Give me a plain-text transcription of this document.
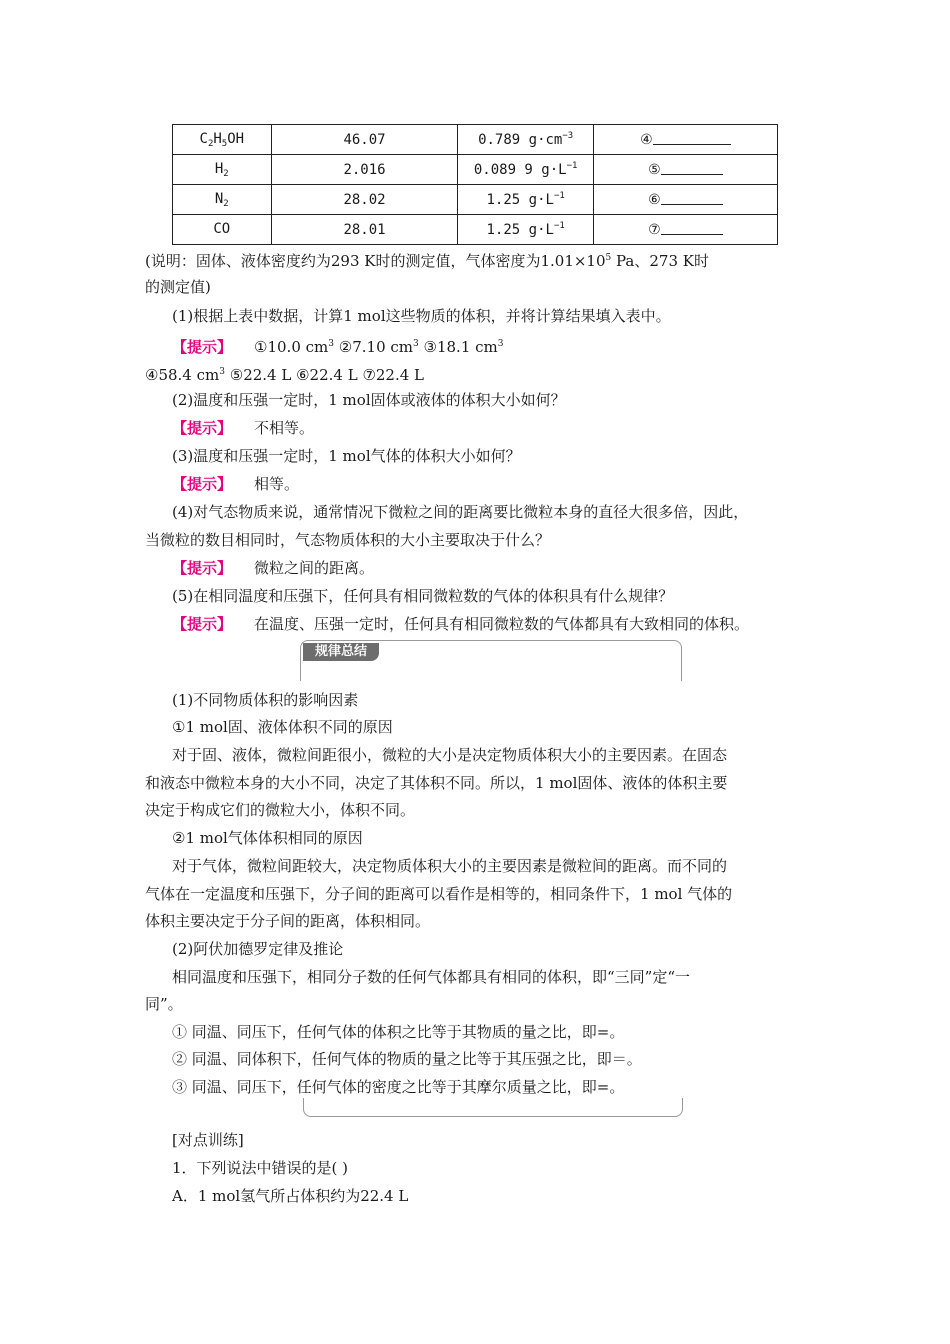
$C_2H_5OH$	46.07	0.789 $g\cdot cm^{-3}$	④
$H_2$	2.016	0.089 9 $g\cdot L^{-1}$	⑤
$N_2$	28.02	1.25 $g\cdot L^{-1}$	⑥
CO	28.01	1.25 $g\cdot L^{-1}$	⑦
(说明：固体、液体密度约为293 K时的测定值，气体密度为$1.01\times 10^5$ Pa、273 K时
的测定值)
(1)根据上表中数据，计算1 mol这些物质的体积，并将计算结果填入表中。
【提示】 ①10.0 $cm^3$ ②7.10 $cm^3$ ③18.1 $cm^3$
④58.4 $cm^3$ ⑤22.4 L ⑥22.4 L ⑦22.4 L
(2)温度和压强一定时，1 mol固体或液体的体积大小如何？
【提示】 不相等。
(3)温度和压强一定时，1 mol气体的体积大小如何？
【提示】 相等。
(4)对气态物质来说，通常情况下微粒之间的距离要比微粒本身的直径大很多倍，因此，
当微粒的数目相同时，气态物质体积的大小主要取决于什么？
【提示】 微粒之间的距离。
(5)在相同温度和压强下，任何具有相同微粒数的气体的体积具有什么规律？
【提示】 在温度、压强一定时，任何具有相同微粒数的气体都具有大致相同的体积。
规律总结
(1)不同物质体积的影响因素
①1 mol固、液体体积不同的原因
对于固、液体，微粒间距很小，微粒的大小是决定物质体积大小的主要因素。在固态
和液态中微粒本身的大小不同，决定了其体积不同。所以，1 mol固体、液体的体积主要
决定于构成它们的微粒大小，体积不同。
②1 mol气体体积相同的原因
对于气体，微粒间距较大，决定物质体积大小的主要因素是微粒间的距离。而不同的
气体在一定温度和压强下，分子间的距离可以看作是相等的，相同条件下，1 mol 气体的
体积主要决定于分子间的距离，体积相同。
(2)阿伏加德罗定律及推论
相同温度和压强下，相同分子数的任何气体都具有相同的体积，即“三同”定“一
同”。
① 同温、同压下，任何气体的体积之比等于其物质的量之比，即=。
② 同温、同体积下，任何气体的物质的量之比等于其压强之比，即＝。
③ 同温、同压下，任何气体的密度之比等于其摩尔质量之比，即=。
[对点训练]
1．下列说法中错误的是( )
A．1 mol氢气所占体积约为22.4 L
